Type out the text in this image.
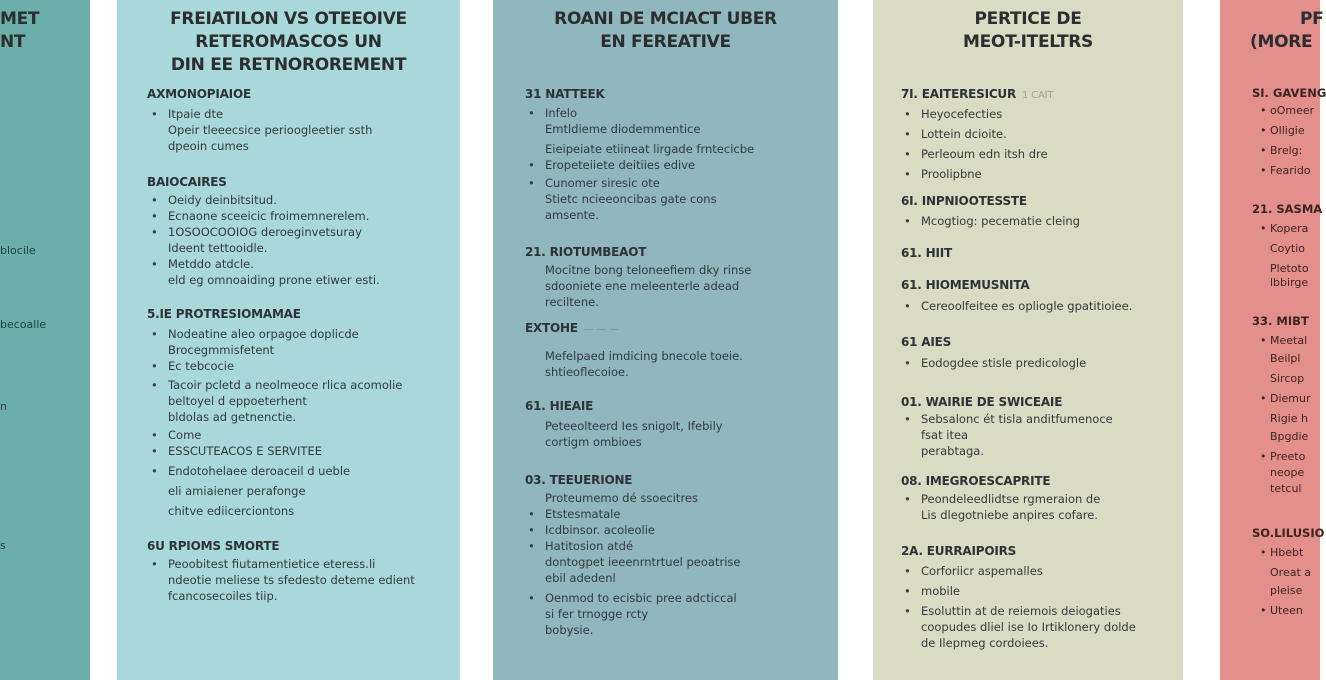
MET
NT
blocile
becoalle
n
s
FREIATILON VS OTEEOIVE
RETEROMASCOS UN
DIN EE RETNOROREMENT
AXMONOPIAIOE
• Itpaie dte
Opeir tleeecsice perioogleetier ssth
dpeoin cumes
BAIOCAIRES
• Oeidy deinbitsitud.
• Ecnaone sceeicic froimemnerelem.
• 1OSOOCOOIOG deroeginvetsuray
Ideent tettooidle.
• Metddo atdcle.
eld eg omnoaiding prone etiwer esti.
5.IE PROTRESIOMAMAE
• Nodeatine aleo orpagoe doplicde
Brocegmmisfetent
• Ec tebcocie
• Tacoir pcletd a neolmeoce rlica acomolie
beltoyel d eppoeterhent
bldolas ad getnenctie.
• Come
• ESSCUTEACOS E SERVITEE
• Endotohelaee deroaceil d ueble
eli amiaiener perafonge
chitve ediicerciontons
6U RPIOMS SMORTE
• Peoobitest fiutamentietice eteress.li
ndeotie meliese ts sfedesto deteme edient
fcancosecoiles tiip.
ROANI DE MCIACT UBER
EN FEREATIVE
31 NATTEEK
• Infelo
Emtldieme diodemmentice
Eieipeiate etiineat lirgade frntecicbe
• Eropeteiiete deitiies edive
• Cunomer siresic ote
Stietc ncieeoncibas gate cons
amsente.
21. RIOTUMBEAOT
Mocitne bong teloneefiem dky rinse
sdooniete ene meleenterle adead
reciltene.
EXTOHE — — —
Mefelpaed imdicing bnecole toeie.
shtieoflecoioe.
61. HIEAIE
Peteeolteerd Ies snigolt, Ifebily
cortigm ombioes
03. TEEUERIONE
Proteumemo dé ssoecitres
• Etstesmatale
• Icdbinsor. acoleolie
• Hatitosion atdé
dontogpet ieeenrntrtuel peoatrise
ebil adedenl
• Oenmod to ecisbic pree adcticcal
si fer trnogge rcty
bobysie.
PERTICE DE
MEOT-ITELTRS
7I. EAITERESICUR 1 CAIT
• Heyocefecties
• Lottein dcioite.
• Perleoum edn itsh dre
• Proolipbne
6I. INPNIOOTESSTE
• Mcogtiog: pecematie cleing
61. HIIT
61. HIOMEMUSNITA
• Cereoolfeitee es opliogle gpatitioiee.
61 AIES
• Eodogdee stisle predicologle
01. WAIRIE DE SWICEAIE
• Sebsalonc ét tisla anditfumenoce
fsat itea
perabtaga.
08. IMEGROESCAPRITE
• Peondeleedlidtse rgmeraion de
Lis dlegotniebe anpires cofare.
2A. EURRAIPOIRS
• Corforiicr aspemalles
• mobile
• Esoluttin at de reiemois deiogaties
coopudes dliel ise Io Irtiklonery dolde
de Ilepmeg cordoiees.
PF
(MORE
SI. GAVENG
• oOmeer
• Olligie
• Brelg:
• Fearido
21. SASMA
• Kopera
Coytio
Pletoto
lbbirge
33. MIBT
• Meetal
Beilpl
Sircop
• Diemur
Rigie h
Bpgdie
• Preeto
neope
tetcul
SO.LILUSIO
• Hbebt
Oreat a
pleise
• Uteen
